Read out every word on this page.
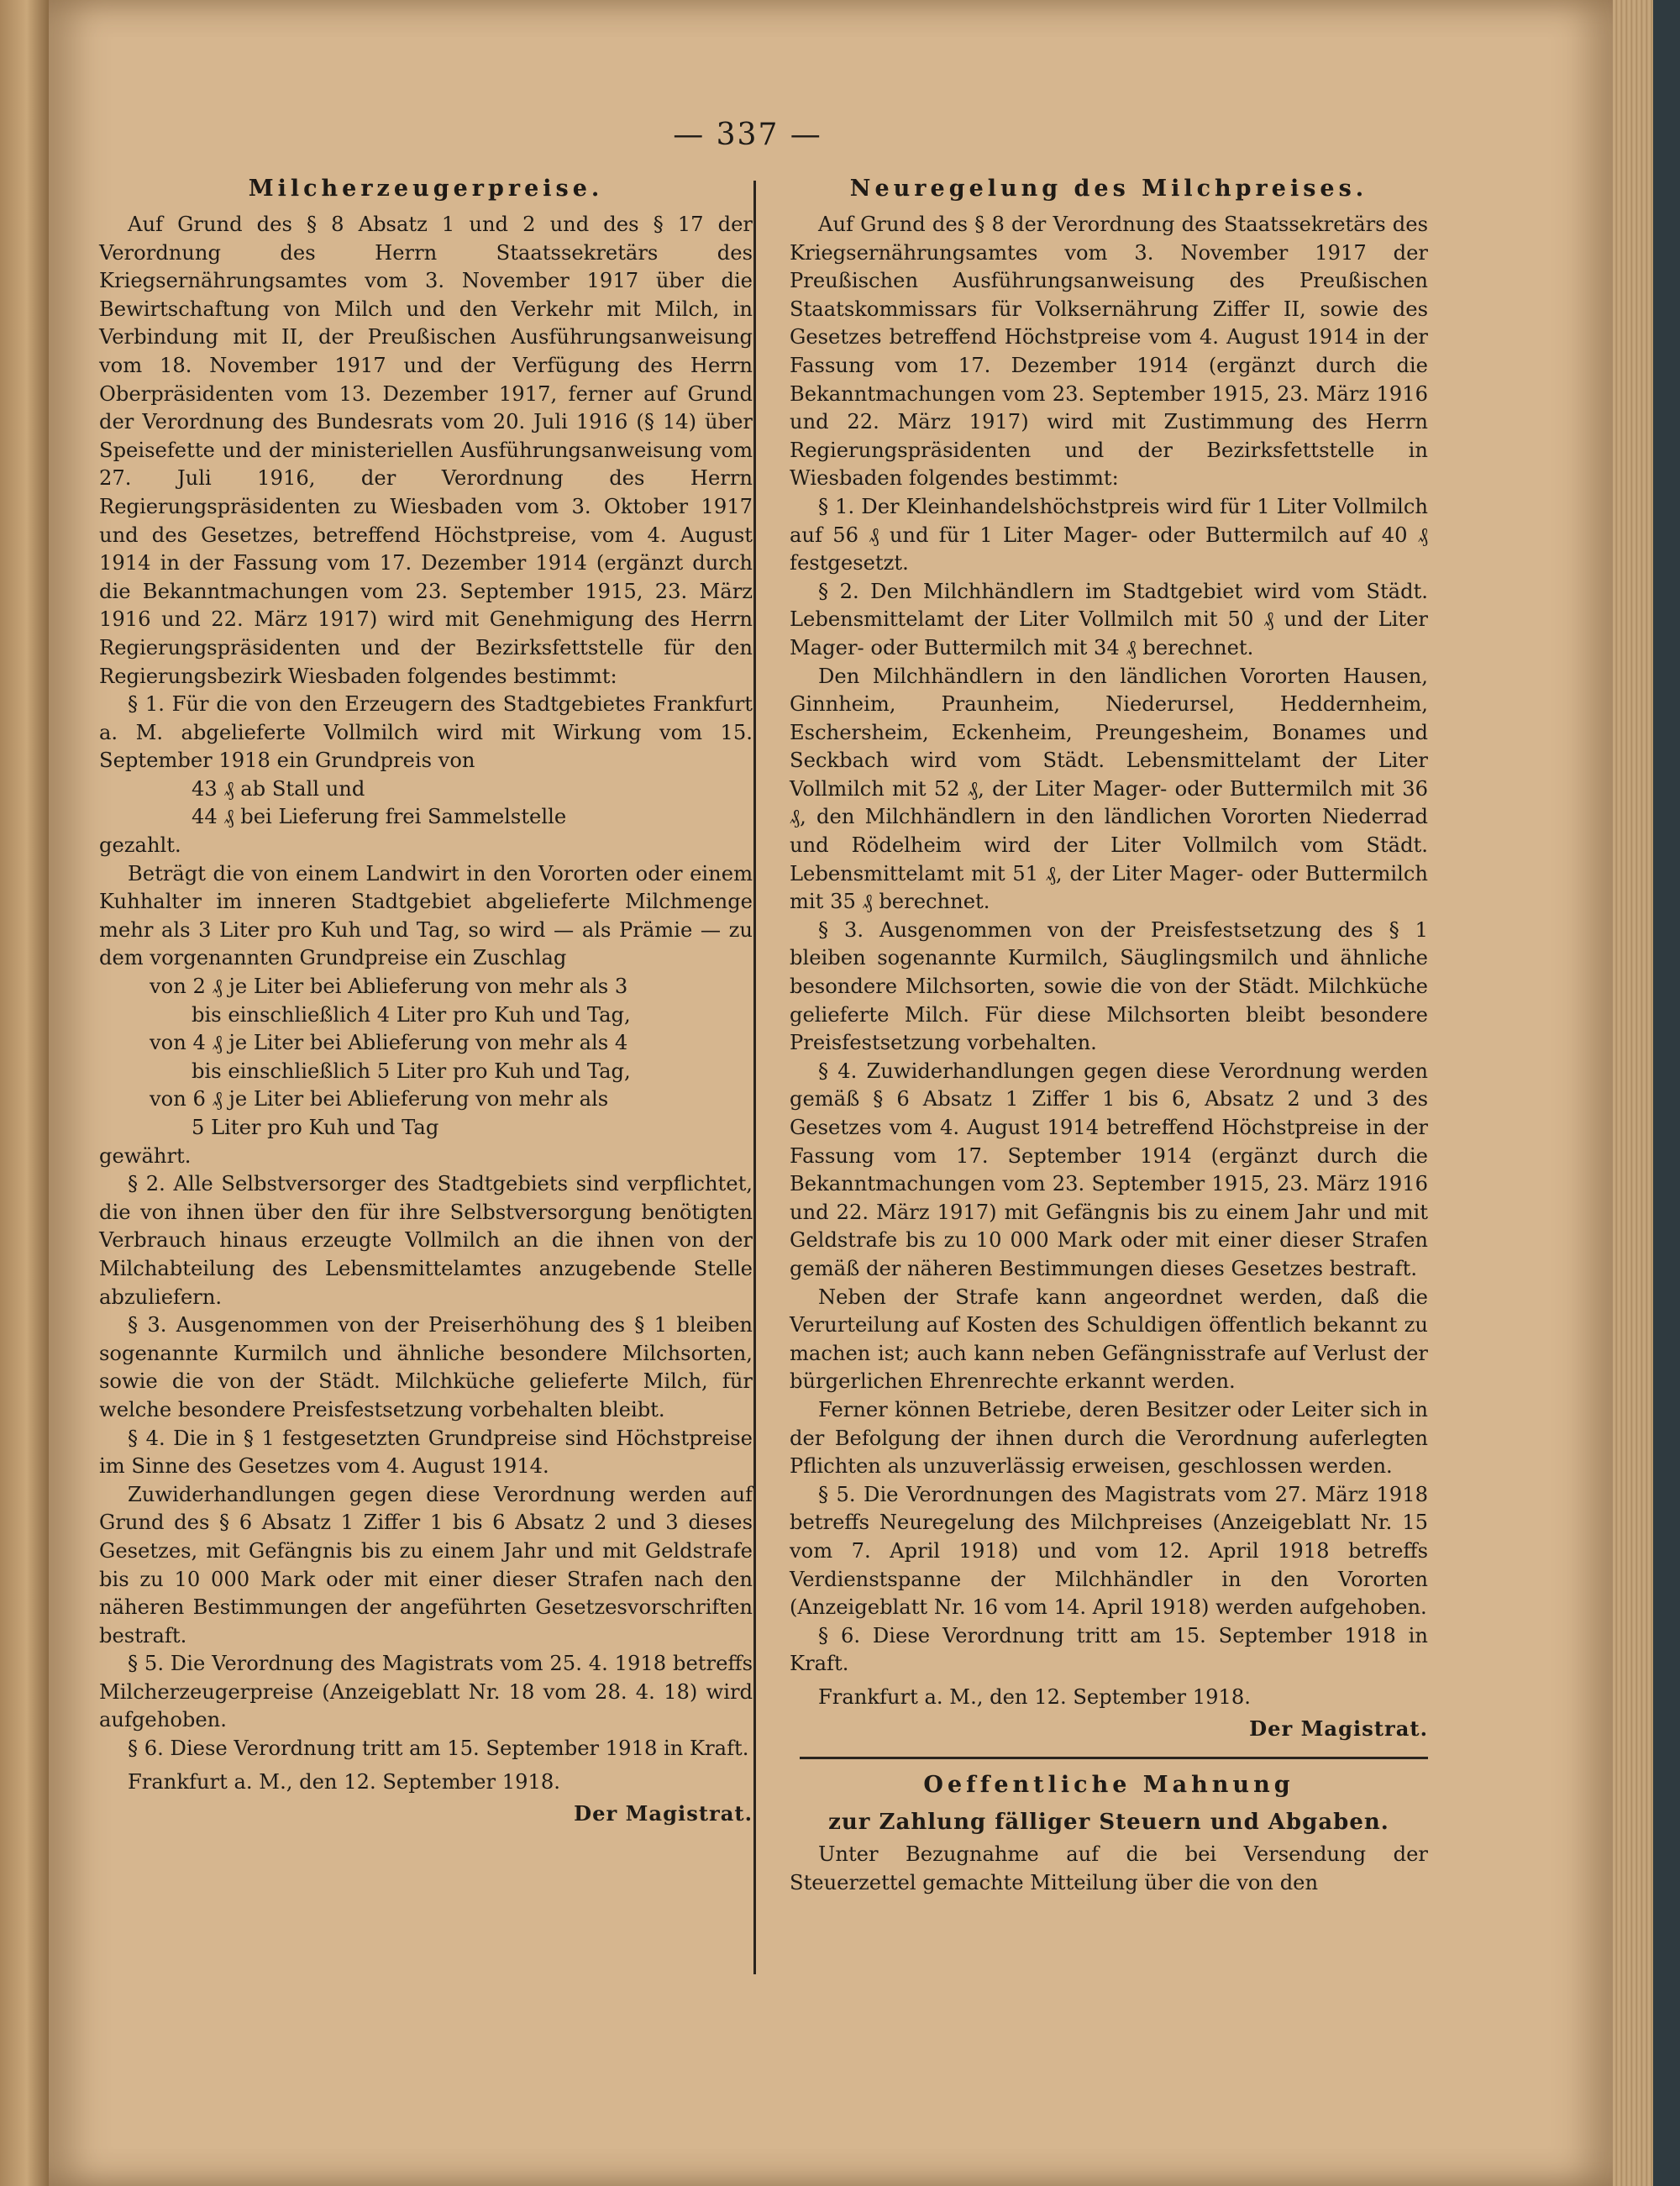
— 337 —
Milcherzeugerpreise.

Auf Grund des § 8 Absatz 1 und 2 und des § 17 der Verordnung des Herrn Staatssekretärs des Kriegsernährungsamtes vom 3. November 1917 über die Bewirtschaftung von Milch und den Verkehr mit Milch, in Verbindung mit II, der Preußischen Ausführungsanweisung vom 18. November 1917 und der Verfügung des Herrn Oberpräsidenten vom 13. Dezember 1917, ferner auf Grund der Verordnung des Bundesrats vom 20. Juli 1916 (§ 14) über Speisefette und der ministeriellen Ausführungsanweisung vom 27. Juli 1916, der Verordnung des Herrn Regierungspräsidenten zu Wiesbaden vom 3. Oktober 1917 und des Gesetzes, betreffend Höchstpreise, vom 4. August 1914 in der Fassung vom 17. Dezember 1914 (ergänzt durch die Bekanntmachungen vom 23. September 1915, 23. März 1916 und 22. März 1917) wird mit Genehmigung des Herrn Regierungspräsidenten und der Bezirksfettstelle für den Regierungsbezirk Wiesbaden folgendes bestimmt:

§ 1. Für die von den Erzeugern des Stadtgebietes Frankfurt a. M. abgelieferte Vollmilch wird mit Wirkung vom 15. September 1918 ein Grundpreis von

43 ₰ ab Stall und

44 ₰ bei Lieferung frei Sammelstelle

gezahlt.

Beträgt die von einem Landwirt in den Vororten oder einem Kuhhalter im inneren Stadtgebiet abgelieferte Milchmenge mehr als 3 Liter pro Kuh und Tag, so wird — als Prämie — zu dem vorgenannten Grundpreise ein Zuschlag

von 2 ₰ je Liter bei Ablieferung von mehr als 3

bis einschließlich 4 Liter pro Kuh und Tag,

von 4 ₰ je Liter bei Ablieferung von mehr als 4

bis einschließlich 5 Liter pro Kuh und Tag,

von 6 ₰ je Liter bei Ablieferung von mehr als

5 Liter pro Kuh und Tag

gewährt.

§ 2. Alle Selbstversorger des Stadtgebiets sind verpflichtet, die von ihnen über den für ihre Selbstversorgung benötigten Verbrauch hinaus erzeugte Vollmilch an die ihnen von der Milchabteilung des Lebensmittelamtes anzugebende Stelle abzuliefern.

§ 3. Ausgenommen von der Preiserhöhung des § 1 bleiben sogenannte Kurmilch und ähnliche besondere Milchsorten, sowie die von der Städt. Milchküche gelieferte Milch, für welche besondere Preisfestsetzung vorbehalten bleibt.

§ 4. Die in § 1 festgesetzten Grundpreise sind Höchstpreise im Sinne des Gesetzes vom 4. August 1914.

Zuwiderhandlungen gegen diese Verordnung werden auf Grund des § 6 Absatz 1 Ziffer 1 bis 6 Absatz 2 und 3 dieses Gesetzes, mit Gefängnis bis zu einem Jahr und mit Geldstrafe bis zu 10 000 Mark oder mit einer dieser Strafen nach den näheren Bestimmungen der angeführten Gesetzesvorschriften bestraft.

§ 5. Die Verordnung des Magistrats vom 25. 4. 1918 betreffs Milcherzeugerpreise (Anzeigeblatt Nr. 18 vom 28. 4. 18) wird aufgehoben.

§ 6. Diese Verordnung tritt am 15. September 1918 in Kraft.

Frankfurt a. M., den 12. September 1918.

Der Magistrat.
Neuregelung des Milchpreises.

Auf Grund des § 8 der Verordnung des Staatssekretärs des Kriegsernährungsamtes vom 3. November 1917 der Preußischen Ausführungsanweisung des Preußischen Staatskommissars für Volksernährung Ziffer II, sowie des Gesetzes betreffend Höchstpreise vom 4. August 1914 in der Fassung vom 17. Dezember 1914 (ergänzt durch die Bekanntmachungen vom 23. September 1915, 23. März 1916 und 22. März 1917) wird mit Zustimmung des Herrn Regierungspräsidenten und der Bezirksfettstelle in Wiesbaden folgendes bestimmt:

§ 1. Der Kleinhandelshöchstpreis wird für 1 Liter Vollmilch auf 56 ₰ und für 1 Liter Mager- oder Buttermilch auf 40 ₰ festgesetzt.

§ 2. Den Milchhändlern im Stadtgebiet wird vom Städt. Lebensmittelamt der Liter Vollmilch mit 50 ₰ und der Liter Mager- oder Buttermilch mit 34 ₰ berechnet.

Den Milchhändlern in den ländlichen Vororten Hausen, Ginnheim, Praunheim, Niederursel, Heddernheim, Eschersheim, Eckenheim, Preungesheim, Bonames und Seckbach wird vom Städt. Lebensmittelamt der Liter Vollmilch mit 52 ₰, der Liter Mager- oder Buttermilch mit 36 ₰, den Milchhändlern in den ländlichen Vororten Niederrad und Rödelheim wird der Liter Vollmilch vom Städt. Lebensmittelamt mit 51 ₰, der Liter Mager- oder Buttermilch mit 35 ₰ berechnet.

§ 3. Ausgenommen von der Preisfestsetzung des § 1 bleiben sogenannte Kurmilch, Säuglingsmilch und ähnliche besondere Milchsorten, sowie die von der Städt. Milchküche gelieferte Milch. Für diese Milchsorten bleibt besondere Preisfestsetzung vorbehalten.

§ 4. Zuwiderhandlungen gegen diese Verordnung werden gemäß § 6 Absatz 1 Ziffer 1 bis 6, Absatz 2 und 3 des Gesetzes vom 4. August 1914 betreffend Höchstpreise in der Fassung vom 17. September 1914 (ergänzt durch die Bekanntmachungen vom 23. September 1915, 23. März 1916 und 22. März 1917) mit Gefängnis bis zu einem Jahr und mit Geldstrafe bis zu 10 000 Mark oder mit einer dieser Strafen gemäß der näheren Bestimmungen dieses Gesetzes bestraft.

Neben der Strafe kann angeordnet werden, daß die Verurteilung auf Kosten des Schuldigen öffentlich bekannt zu machen ist; auch kann neben Gefängnisstrafe auf Verlust der bürgerlichen Ehrenrechte erkannt werden.

Ferner können Betriebe, deren Besitzer oder Leiter sich in der Befolgung der ihnen durch die Verordnung auferlegten Pflichten als unzuverlässig erweisen, geschlossen werden.

§ 5. Die Verordnungen des Magistrats vom 27. März 1918 betreffs Neuregelung des Milchpreises (Anzeigeblatt Nr. 15 vom 7. April 1918) und vom 12. April 1918 betreffs Verdienstspanne der Milchhändler in den Vororten (Anzeigeblatt Nr. 16 vom 14. April 1918) werden aufgehoben.

§ 6. Diese Verordnung tritt am 15. September 1918 in Kraft.

Frankfurt a. M., den 12. September 1918.

Der Magistrat.
Oeffentliche Mahnung
zur Zahlung fälliger Steuern und Abgaben.

Unter Bezugnahme auf die bei Versendung der Steuerzettel gemachte Mitteilung über die von den
